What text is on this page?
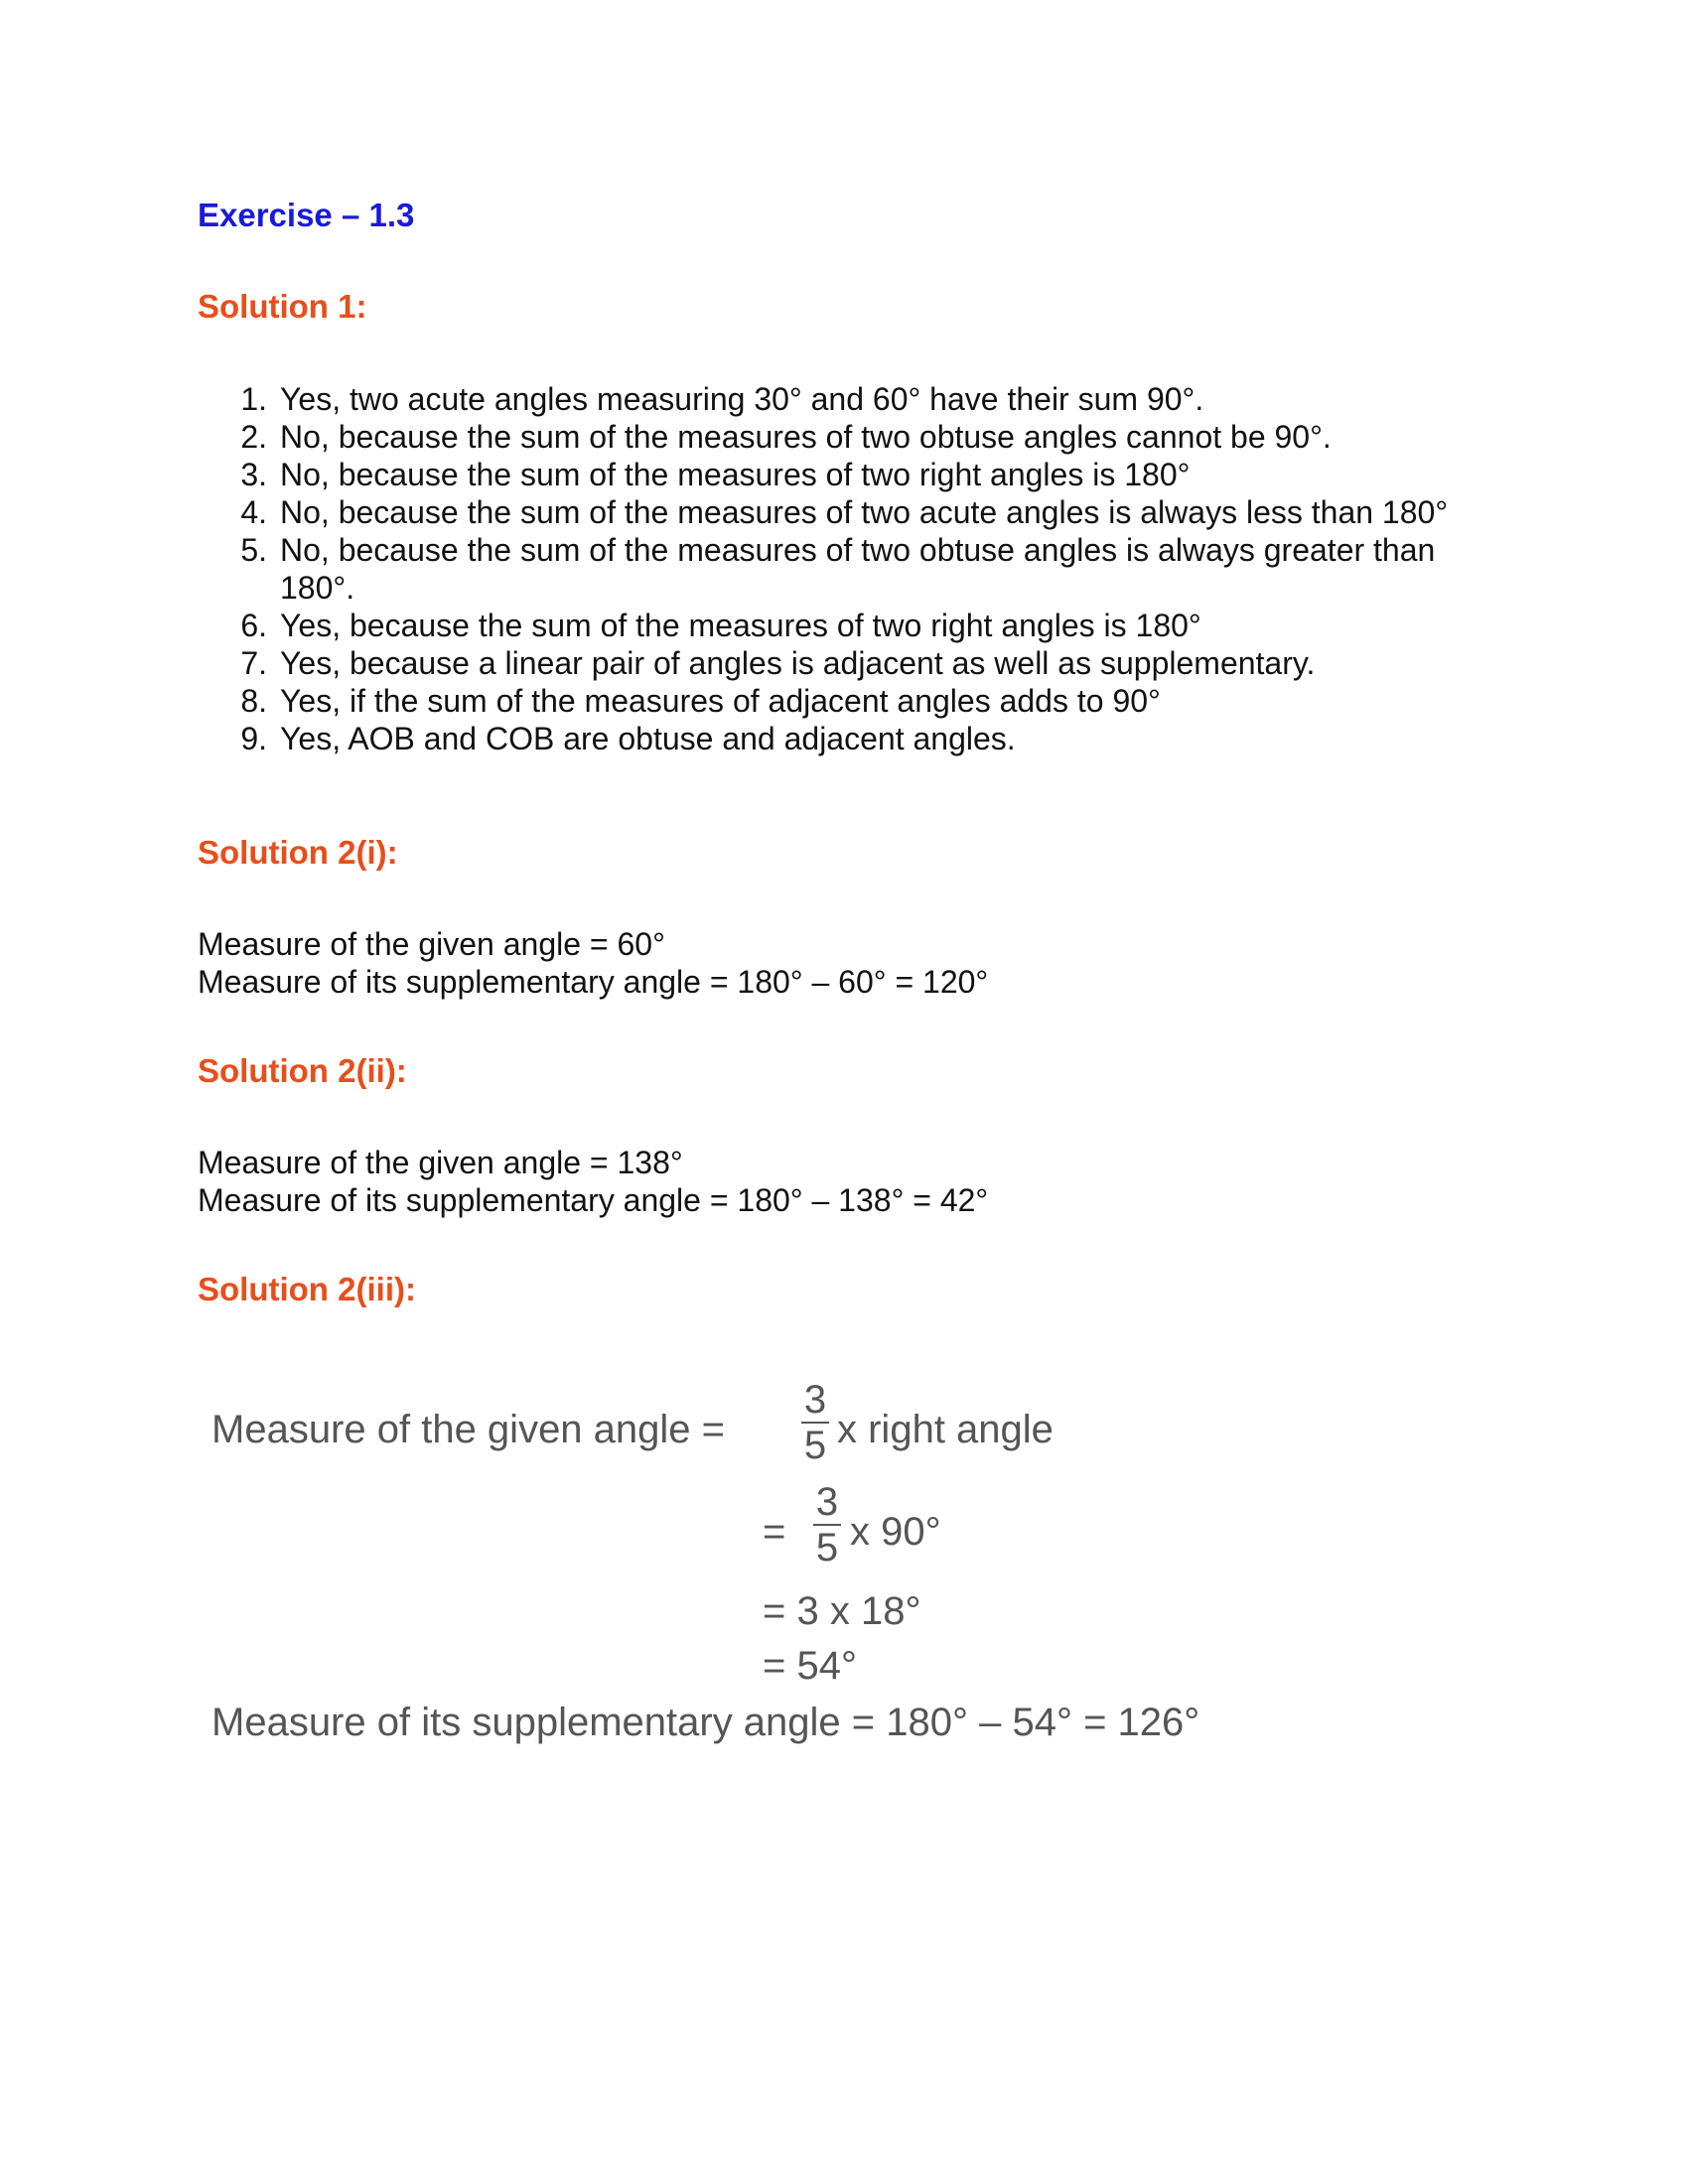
Exercise – 1.3
Solution 1:
1. Yes, two acute angles measuring 30° and 60° have their sum 90°.
2. No, because the sum of the measures of two obtuse angles cannot be 90°.
3. No, because the sum of the measures of two right angles is 180°
4. No, because the sum of the measures of two acute angles is always less than 180°
5. No, because the sum of the measures of two obtuse angles is always greater than 180°.
6. Yes, because the sum of the measures of two right angles is 180°
7. Yes, because a linear pair of angles is adjacent as well as supplementary.
8. Yes, if the sum of the measures of adjacent angles adds to 90°
9. Yes, AOB and COB are obtuse and adjacent angles.
Solution 2(i):

Measure of the given angle = 60°

Measure of its supplementary angle = 180° – 60° = 120°

Solution 2(ii):

Measure of the given angle = 138°

Measure of its supplementary angle = 180° – 138° = 42°

Solution 2(iii):
Measure of the given angle =
3
5 x right angle
=
3
5 x 90°
= 3 x 18°
= 54°
Measure of its supplementary angle = 180° – 54° = 126°
